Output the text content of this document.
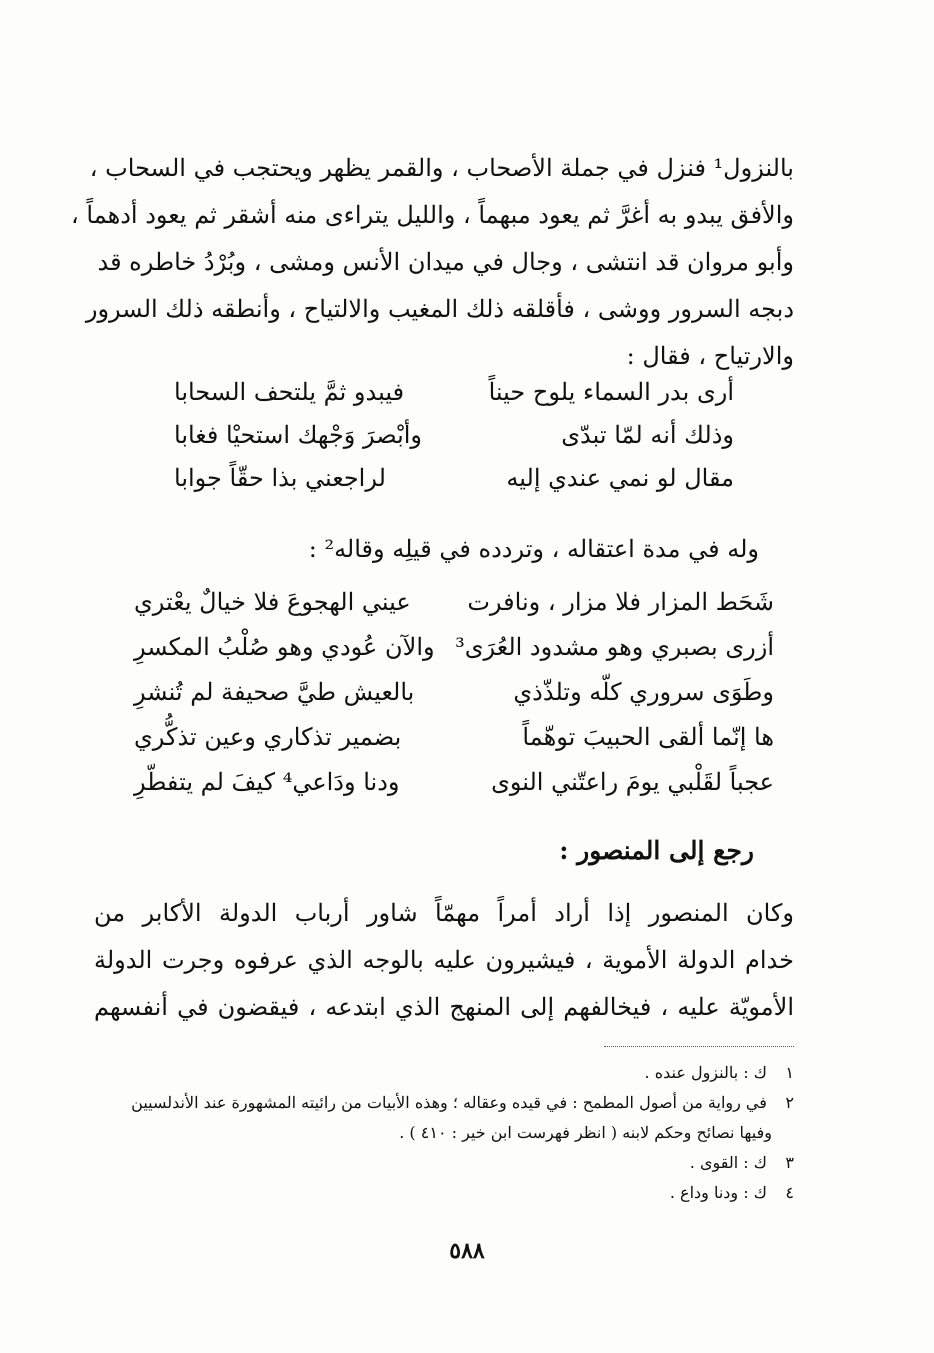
بالنزول¹ فنزل في جملة الأصحاب ، والقمر يظهر ويحتجب في السحاب ،
والأفق يبدو به أغرَّ ثم يعود مبهماً ، والليل يتراءى منه أشقر ثم يعود أدهماً ،
وأبو مروان قد انتشى ، وجال في ميدان الأنس ومشى ، وبُرْدُ خاطره قد
دبجه السرور ووشى ، فأقلقه ذلك المغيب والالتياح ، وأنطقه ذلك السرور
والارتياح ، فقال :
أرى بدر السماء يلوح حيناً
فيبدو ثمَّ يلتحف السحابا
وذلك أنه لمّا تبدّى
وأبْصرَ وَجْهك استحيْا فغابا
مقال لو نمي عندي إليه
لراجعني بذا حقّاً جوابا
وله في مدة اعتقاله ، وتردده في قيلِه وقاله² :
شَحَط المزار فلا مزار ، ونافرت
عيني الهجوعَ فلا خيالٌ يعْتري
أزرى بصبري وهو مشدود العُرَى³
والآن عُودي وهو صُلْبُ المكسرِ
وطَوَى سروري كلّه وتلذّذي
بالعيش طيَّ صحيفة لم تُنشرِ
ها إنّما ألقى الحبيبَ توهّماً
بضمير تذكاري وعين تذكُّري
عجباً لقَلْبي يومَ راعتّني النوى
ودنا ودَاعي⁴ كيفَ لم يتفطّرِ
رجع إلى المنصور :
وكان المنصور إذا أراد أمراً مهمّاً شاور أرباب الدولة الأكابر من
خدام الدولة الأموية ، فيشيرون عليه بالوجه الذي عرفوه وجرت الدولة
الأمويّة عليه ، فيخالفهم إلى المنهج الذي ابتدعه ، فيقضون في أنفسهم
١ ك : بالنزول عنده .
٢ في رواية من أصول المطمح : في قيده وعقاله ؛ وهذه الأبيات من رائيته المشهورة عند الأندلسيين
وفيها نصائح وحكم لابنه ( انظر فهرست ابن خير : ٤١٠ ) .
٣ ك : القوى .
٤ ك : ودنا وداع .
٥٨٨
